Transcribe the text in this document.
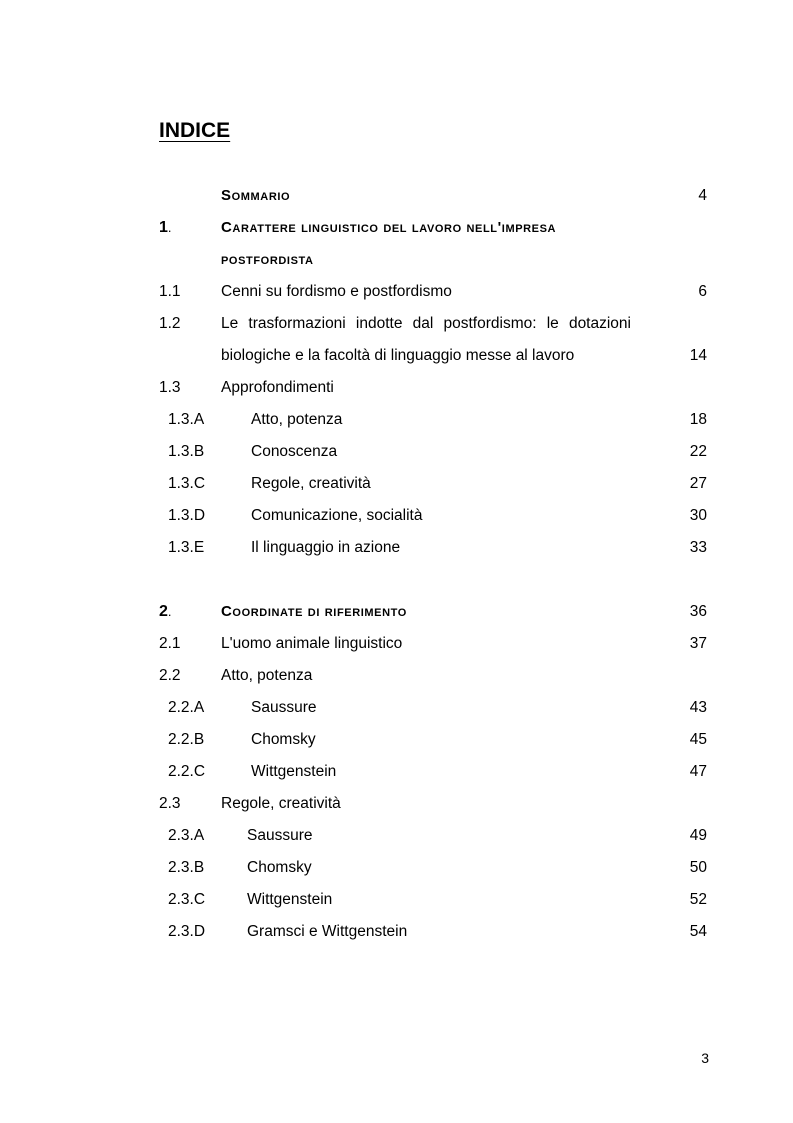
INDICE
Sommario	4
1.	Carattere linguistico del lavoro nell'impresa
postfordista
1.1	Cenni su fordismo e postfordismo	6
1.2	Le trasformazioni indotte dal postfordismo: le dotazioni
biologiche e la facoltà di linguaggio messe al lavoro	14
1.3	Approfondimenti
1.3.A	Atto, potenza	18
1.3.B	Conoscenza	22
1.3.C	Regole, creatività	27
1.3.D	Comunicazione, socialità	30
1.3.E	Il linguaggio in azione	33
2.	Coordinate di riferimento	36
2.1	L'uomo animale linguistico	37
2.2	Atto, potenza
2.2.A	Saussure	43
2.2.B	Chomsky	45
2.2.C	Wittgenstein	47
2.3	Regole, creatività
2.3.A	Saussure	49
2.3.B	Chomsky	50
2.3.C	Wittgenstein	52
2.3.D	Gramsci e Wittgenstein	54
3
